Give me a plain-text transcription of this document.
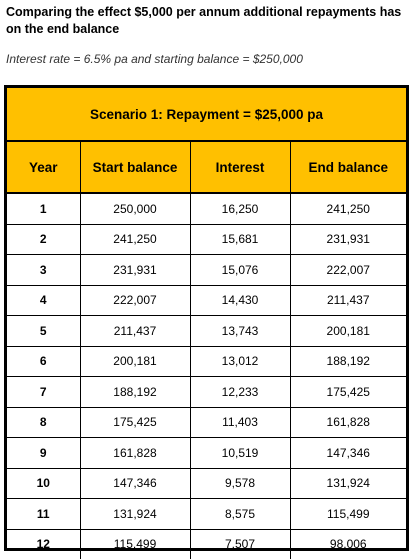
Comparing the effect $5,000 per annum additional repayments has on the end balance
Interest rate = 6.5% pa and starting balance = $250,000
Scenario 1: Repayment = $25,000 pa
Year	Start balance	Interest	End balance
1	250,000	16,250	241,250
2	241,250	15,681	231,931
3	231,931	15,076	222,007
4	222,007	14,430	211,437
5	211,437	13,743	200,181
6	200,181	13,012	188,192
7	188,192	12,233	175,425
8	175,425	11,403	161,828
9	161,828	10,519	147,346
10	147,346	9,578	131,924
11	131,924	8,575	115,499
12	115,499	7,507	98,006
